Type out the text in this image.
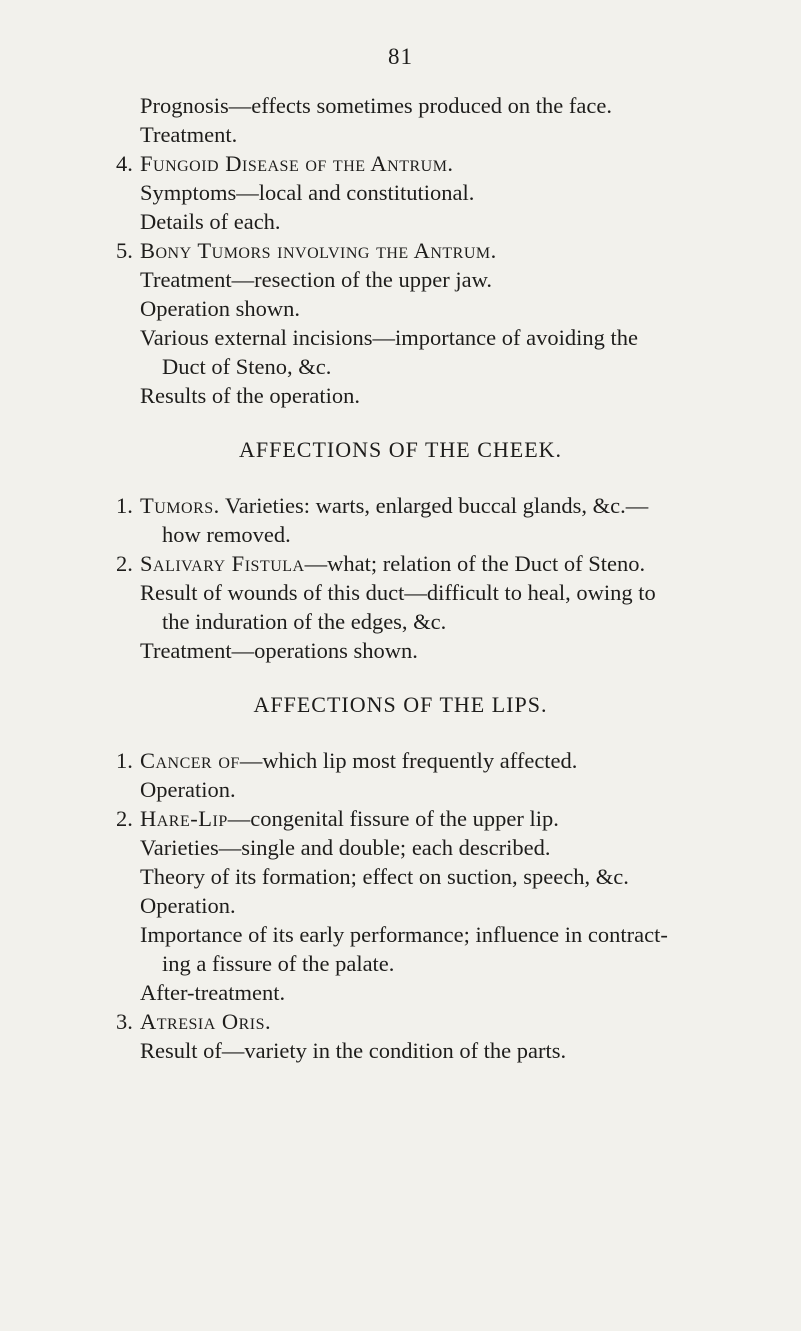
81
Prognosis—effects sometimes produced on the face.
Treatment.
4. Fungoid Disease of the Antrum.
Symptoms—local and constitutional.
Details of each.
5. Bony Tumors involving the Antrum.
Treatment—resection of the upper jaw.
Operation shown.
Various external incisions—importance of avoiding the
Duct of Steno, &c.
Results of the operation.
AFFECTIONS OF THE CHEEK.
1. Tumors. Varieties: warts, enlarged buccal glands, &c.—
how removed.
2. Salivary Fistula—what; relation of the Duct of Steno.
Result of wounds of this duct—difficult to heal, owing to
the induration of the edges, &c.
Treatment—operations shown.
AFFECTIONS OF THE LIPS.
1. Cancer of—which lip most frequently affected.
Operation.
2. Hare-Lip—congenital fissure of the upper lip.
Varieties—single and double; each described.
Theory of its formation; effect on suction, speech, &c.
Operation.
Importance of its early performance; influence in contract-
ing a fissure of the palate.
After-treatment.
3. Atresia Oris.
Result of—variety in the condition of the parts.
